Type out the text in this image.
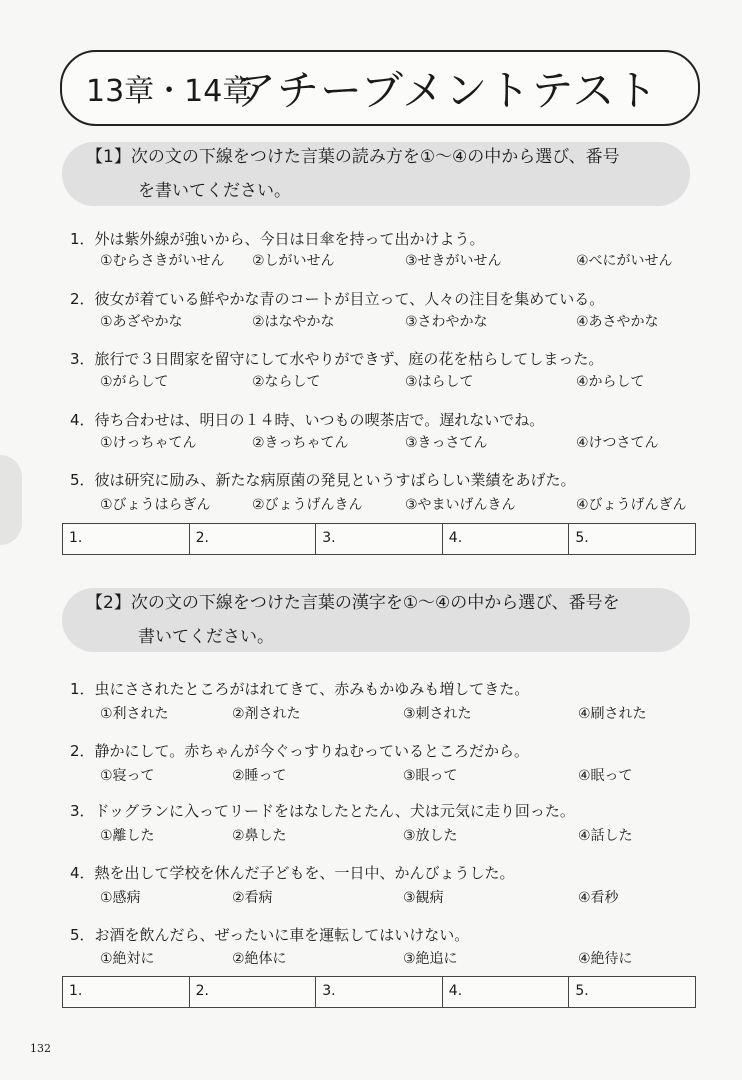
13章・14章
アチーブメントテスト
【1】次の文の下線をつけた言葉の読み方を①～④の中から選び、番号
を書いてください。
1．外は紫外線が強いから、今日は日傘を持って出かけよう。
①むらさきがいせん ②しがいせん	③せきがいせん	④べにがいせん
2．彼女が着ている鮮やかな青のコートが目立って、人々の注目を集めている。
①あざやかな	②はなやかな	③さわやかな	④あさやかな
3．旅行で３日間家を留守にして水やりができず、庭の花を枯らしてしまった。
①がらして	②ならして	③はらして	④からして
4．待ち合わせは、明日の１４時、いつもの喫茶店で。遅れないでね。
①けっちゃてん	②きっちゃてん	③きっさてん	④けつさてん
5．彼は研究に励み、新たな病原菌の発見というすばらしい業績をあげた。
①びょうはらぎん	②びょうげんきん	③やまいげんきん	④びょうげんぎん
1.	2.	3.	4.	5.
【2】次の文の下線をつけた言葉の漢字を①～④の中から選び、番号を
書いてください。
1．虫にさされたところがはれてきて、赤みもかゆみも増してきた。
①利された	②剤された	③刺された	④刷された
2．静かにして。赤ちゃんが今ぐっすりねむっているところだから。
①寝って	②睡って	③眼って	④眠って
3．ドッグランに入ってリードをはなしたとたん、犬は元気に走り回った。
①離した	②鼻した	③放した	④話した
4．熱を出して学校を休んだ子どもを、一日中、かんびょうした。
①感病	②看病	③観病	④看秒
5．お酒を飲んだら、ぜったいに車を運転してはいけない。
①絶対に	②絶体に	③絶追に	④絶待に
1.	2.	3.	4.	5.
132
